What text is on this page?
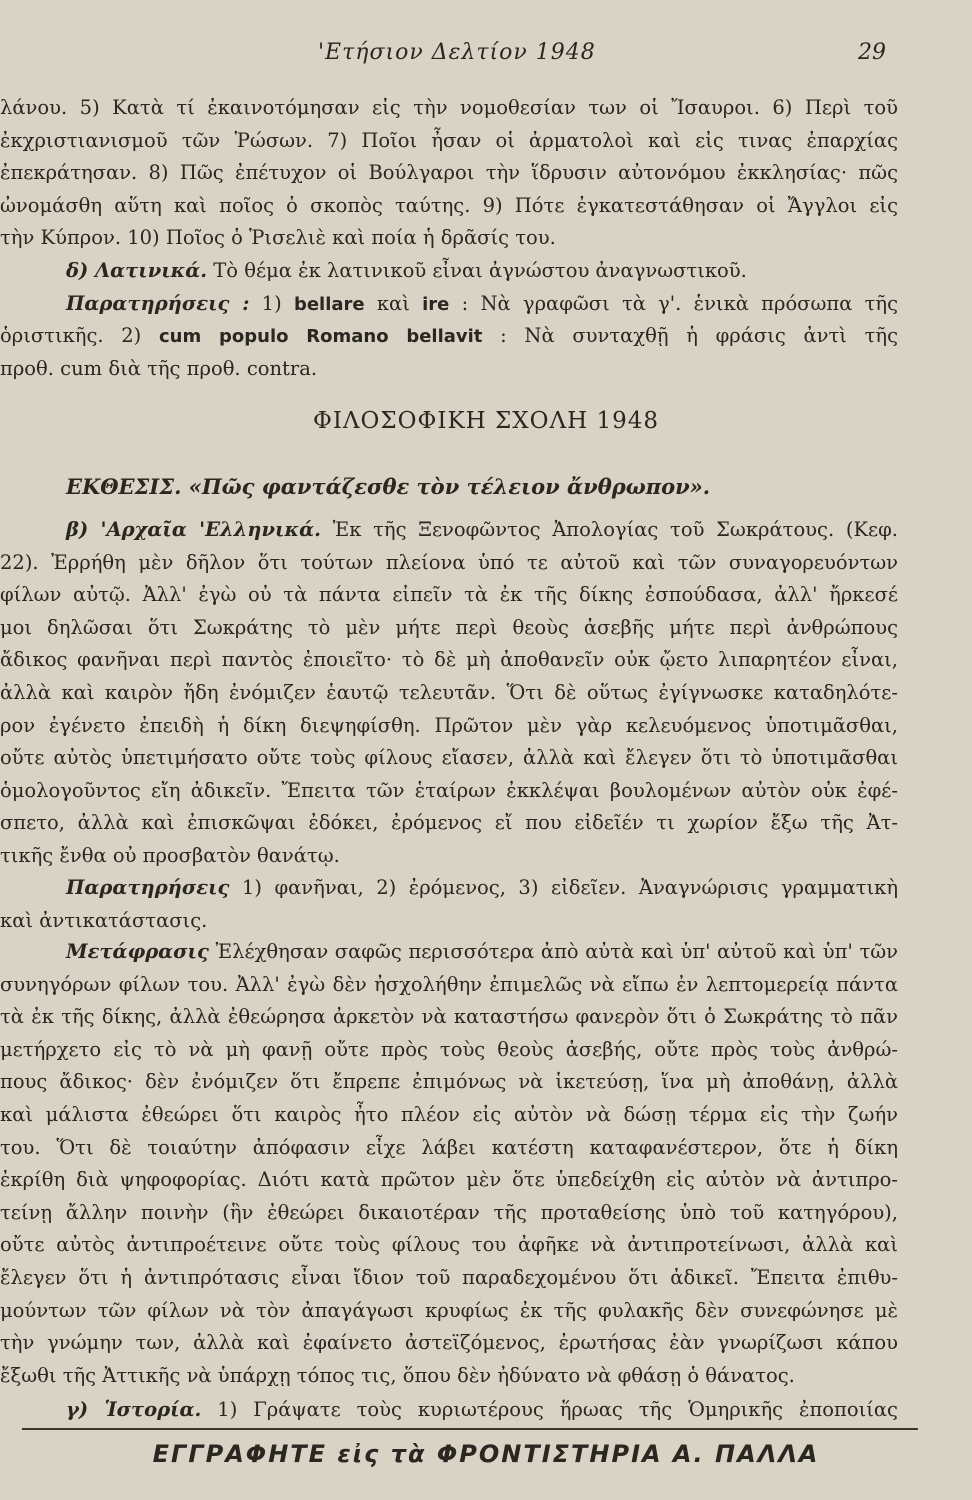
'Ετήσιον Δελτίον 1948	29
λάνου. 5) Κατὰ τί ἐκαινοτόμησαν εἰς τὴν νομοθεσίαν των οἱ Ἴσαυροι. 6) Περὶ τοῦ
ἐκχριστιανισμοῦ τῶν Ῥώσων. 7) Ποῖοι ἦσαν οἱ ἀρματολοὶ καὶ εἰς τινας ἐπαρχίας
ἐπεκράτησαν. 8) Πῶς ἐπέτυχον οἱ Βούλγαροι τὴν ἵδρυσιν αὐτονόμου ἐκκλησίας· πῶς
ὠνομάσθη αὕτη καὶ ποῖος ὁ σκοπὸς ταύτης. 9) Πότε ἐγκατεστάθησαν οἱ Ἄγγλοι εἰς
τὴν Κύπρον. 10) Ποῖος ὁ Ῥισελιὲ καὶ ποία ἡ δρᾶσίς του.
δ) Λατινικά. Τὸ θέμα ἐκ λατινικοῦ εἶναι ἀγνώστου ἀναγνωστικοῦ.
Παρατηρήσεις : 1) bellare καὶ ire : Νὰ γραφῶσι τὰ γ'. ἑνικὰ πρόσωπα τῆς
ὁριστικῆς. 2) cum populo Romano bellavit : Νὰ συνταχθῇ ἡ φράσις ἀντὶ τῆς
προθ. cum διὰ τῆς προθ. contra.
ΦΙΛΟΣΟΦΙΚΗ ΣΧΟΛΗ 1948
ΕΚΘΕΣΙΣ. «Πῶς φαντάζεσθε τὸν τέλειον ἄνθρωπον».
β) 'Αρχαῖα 'Ελληνικά. Ἐκ τῆς Ξενοφῶντος Ἀπολογίας τοῦ Σωκράτους. (Κεφ.
22). Ἐρρήθη μὲν δῆλον ὅτι τούτων πλείονα ὑπό τε αὐτοῦ καὶ τῶν συναγορευόντων
φίλων αὐτῷ. Ἀλλ' ἐγὼ οὐ τὰ πάντα εἰπεῖν τὰ ἐκ τῆς δίκης ἐσπούδασα, ἀλλ' ἤρκεσέ
μοι δηλῶσαι ὅτι Σωκράτης τὸ μὲν μήτε περὶ θεοὺς ἀσεβῆς μήτε περὶ ἀνθρώπους
ἄδικος φανῆναι περὶ παντὸς ἐποιεῖτο· τὸ δὲ μὴ ἀποθανεῖν οὐκ ᾤετο λιπαρητέον εἶναι,
ἀλλὰ καὶ καιρὸν ἤδη ἐνόμιζεν ἑαυτῷ τελευτᾶν. Ὅτι δὲ οὕτως ἐγίγνωσκε καταδηλότε-
ρον ἐγένετο ἐπειδὴ ἡ δίκη διεψηφίσθη. Πρῶτον μὲν γὰρ κελευόμενος ὑποτιμᾶσθαι,
οὔτε αὐτὸς ὑπετιμήσατο οὔτε τοὺς φίλους εἴασεν, ἀλλὰ καὶ ἔλεγεν ὅτι τὸ ὑποτιμᾶσθαι
ὁμολογοῦντος εἴη ἀδικεῖν. Ἔπειτα τῶν ἑταίρων ἐκκλέψαι βουλομένων αὐτὸν οὐκ ἐφέ-
σπετο, ἀλλὰ καὶ ἐπισκῶψαι ἐδόκει, ἐρόμενος εἴ που εἰδεῖέν τι χωρίον ἔξω τῆς Ἀτ-
τικῆς ἔνθα οὐ προσβατὸν θανάτῳ.
Παρατηρήσεις 1) φανῆναι, 2) ἐρόμενος, 3) εἰδεῖεν. Ἀναγνώρισις γραμματικὴ
καὶ ἀντικατάστασις.
Μετάφρασις Ἐλέχθησαν σαφῶς περισσότερα ἀπὸ αὐτὰ καὶ ὑπ' αὐτοῦ καὶ ὑπ' τῶν
συνηγόρων φίλων του. Ἀλλ' ἐγὼ δὲν ἠσχολήθην ἐπιμελῶς νὰ εἴπω ἐν λεπτομερείᾳ πάντα
τὰ ἐκ τῆς δίκης, ἀλλὰ ἐθεώρησα ἀρκετὸν νὰ καταστήσω φανερὸν ὅτι ὁ Σωκράτης τὸ πᾶν
μετήρχετο εἰς τὸ νὰ μὴ φανῇ οὔτε πρὸς τοὺς θεοὺς ἀσεβής, οὔτε πρὸς τοὺς ἀνθρώ-
πους ἄδικος· δὲν ἐνόμιζεν ὅτι ἔπρεπε ἐπιμόνως νὰ ἱκετεύσῃ, ἵνα μὴ ἀποθάνῃ, ἀλλὰ
καὶ μάλιστα ἐθεώρει ὅτι καιρὸς ἦτο πλέον εἰς αὐτὸν νὰ δώσῃ τέρμα εἰς τὴν ζωήν
του. Ὅτι δὲ τοιαύτην ἀπόφασιν εἶχε λάβει κατέστη καταφανέστερον, ὅτε ἡ δίκη
ἐκρίθη διὰ ψηφοφορίας. Διότι κατὰ πρῶτον μὲν ὅτε ὑπεδείχθη εἰς αὐτὸν νὰ ἀντιπρο-
τείνῃ ἄλλην ποινὴν (ἣν ἐθεώρει δικαιοτέραν τῆς προταθείσης ὑπὸ τοῦ κατηγόρου),
οὔτε αὐτὸς ἀντιπροέτεινε οὔτε τοὺς φίλους του ἀφῆκε νὰ ἀντιπροτείνωσι, ἀλλὰ καὶ
ἔλεγεν ὅτι ἡ ἀντιπρότασις εἶναι ἴδιον τοῦ παραδεχομένου ὅτι ἀδικεῖ. Ἔπειτα ἐπιθυ-
μούντων τῶν φίλων νὰ τὸν ἀπαγάγωσι κρυφίως ἐκ τῆς φυλακῆς δὲν συνεφώνησε μὲ
τὴν γνώμην των, ἀλλὰ καὶ ἐφαίνετο ἀστεϊζόμενος, ἐρωτήσας ἐὰν γνωρίζωσι κάπου
ἔξωθι τῆς Ἀττικῆς νὰ ὑπάρχῃ τόπος τις, ὅπου δὲν ἠδύνατο νὰ φθάσῃ ὁ θάνατος.
γ) Ἱστορία. 1) Γράψατε τοὺς κυριωτέρους ἥρωας τῆς Ὁμηρικῆς ἐποποιίας
ΕΓΓΡΑΦΗΤΕ εἰς τὰ ΦΡΟΝΤΙΣΤΗΡΙΑ Α. ΠΑΛΛΑ
